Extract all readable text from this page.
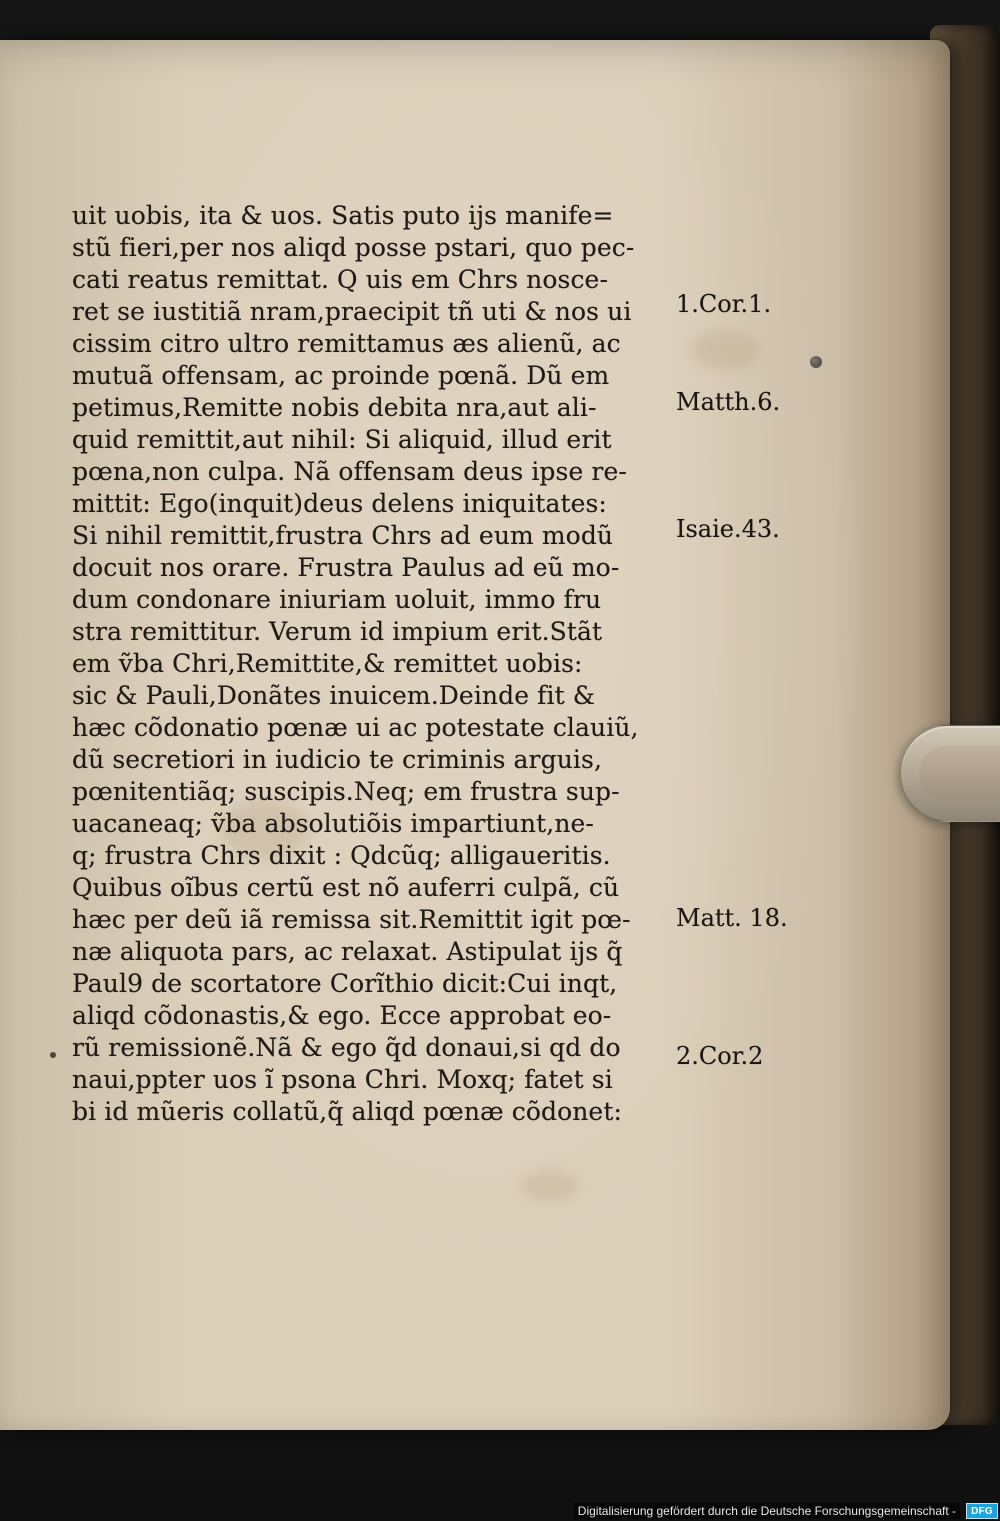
uit uobis, ita & uos. Satis puto ijs manife=
stũ fieri,per nos aliqd posse pstari, quo pec-
cati reatus remittat. Q uis em Chrs nosce-
ret se iustitiã nram,praecipit tñ uti & nos ui
cissim citro ultro remittamus æs alienũ, ac
mutuã offensam, ac proinde pœnã. Dũ em
petimus,Remitte nobis debita nra,aut ali-
quid remittit,aut nihil: Si aliquid, illud erit
pœna,non culpa. Nã offensam deus ipse re-
mittit: Ego(inquit)deus delens iniquitates:
Si nihil remittit,frustra Chrs ad eum modũ
docuit nos orare. Frustra Paulus ad eũ mo-
dum condonare iniuriam uoluit, immo fru
stra remittitur. Verum id impium erit.Stãt
em ṽba Chri,Remittite,& remittet uobis:
sic & Pauli,Donãtes inuicem.Deinde fit &
hæc cõdonatio pœnæ ui ac potestate clauiũ,
dũ secretiori in iudicio te criminis arguis,
pœnitentiãq; suscipis.Neq; em frustra sup-
uacaneaq; ṽba absolutiõis impartiunt,ne-
q; frustra Chrs dixit : Qdcũq; alligaueritis.
Quibus oĩbus certũ est nõ auferri culpã, cũ
hæc per deũ iã remissa sit.Remittit igit pœ-
næ aliquota pars, ac relaxat. Astipulat ijs q̃
Paul9 de scortatore Corĩthio dicit:Cui inqt,
aliqd cõdonastis,& ego. Ecce approbat eo-
rũ remissionẽ.Nã & ego q̃d donaui,si qd do
naui,ppter uos ĩ psona Chri. Moxq; fatet si
bi id mũeris collatũ,q̃ aliqd pœnæ cõdonet:
1.Cor.1.
Matth.6.
Isaie.43.
Matt. 18.
2.Cor.2
Digitalisierung gefördert durch die Deutsche Forschungsgemeinschaft -	DFG
